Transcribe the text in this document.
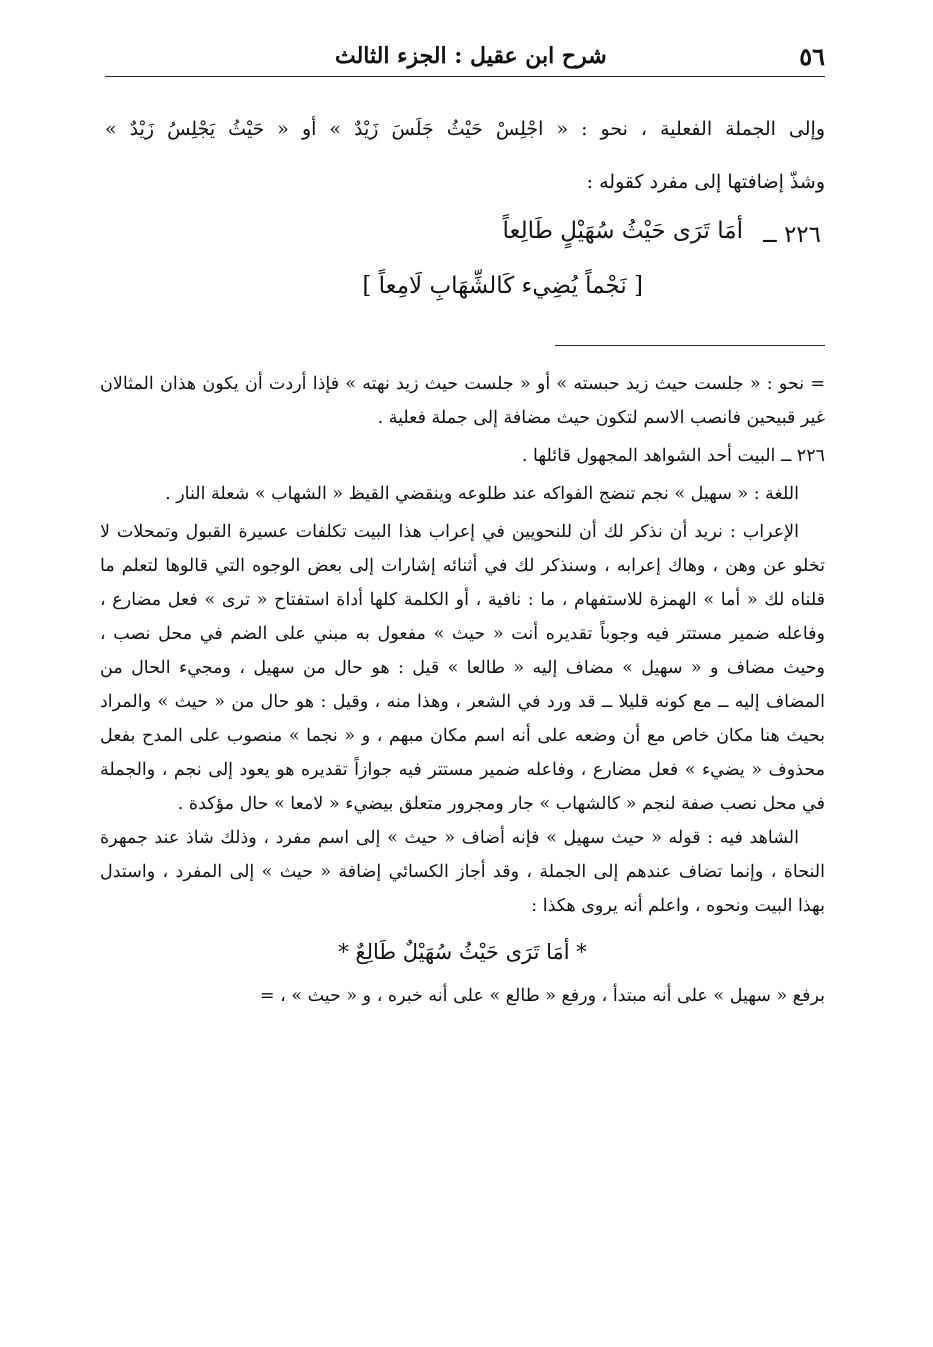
٥٦
شرح ابن عقيل : الجزء الثالث
وإلى الجملة الفعلية ، نحو : « اجْلِسْ حَيْثُ جَلَسَ زَيْدٌ » أو « حَيْثُ يَجْلِسُ زَيْدٌ »
وشذّ إضافتها إلى مفرد كقوله :
٢٢٦ ــ
أمَا تَرَى حَيْثُ سُهَيْلٍ طَالِعاً
[ نَجْماً يُضِيء كَالشِّهَابِ لَامِعاً ]

= نحو : « جلست حيث زيد حبسته » أو « جلست حيث زيد نهته » فإذا أردت أن يكون هذان المثالان غير قبيحين فانصب الاسم لتكون حيث مضافة إلى جملة فعلية .

٢٢٦ ــ البيت أحد الشواهد المجهول قائلها .

اللغة : « سهيل » نجم تنضج الفواكه عند طلوعه وينقضي القيظ « الشهاب » شعلة النار .

الإعراب : نريد أن نذكر لك أن للنحويين في إعراب هذا البيت تكلفات عسيرة القبول وتمحلات لا تخلو عن وهن ، وهاك إعرابه ، وسنذكر لك في أثنائه إشارات إلى بعض الوجوه التي قالوها لتعلم ما قلناه لك « أما » الهمزة للاستفهام ، ما : نافية ، أو الكلمة كلها أداة استفتاح « ترى » فعل مضارع ، وفاعله ضمير مستتر فيه وجوباً تقديره أنت « حيث » مفعول به مبني على الضم في محل نصب ، وحيث مضاف و « سهيل » مضاف إليه « طالعا » قيل : هو حال من سهيل ، ومجيء الحال من المضاف إليه ــ مع كونه قليلا ــ قد ورد في الشعر ، وهذا منه ، وقيل : هو حال من « حيث » والمراد بحيث هنا مكان خاص مع أن وضعه على أنه اسم مكان مبهم ، و « نجما » منصوب على المدح بفعل محذوف « يضيء » فعل مضارع ، وفاعله ضمير مستتر فيه جوازاً تقديره هو يعود إلى نجم ، والجملة في محل نصب صفة لنجم « كالشهاب » جار ومجرور متعلق بيضيء « لامعا » حال مؤكدة .

الشاهد فيه : قوله « حيث سهيل » فإنه أضاف « حيث » إلى اسم مفرد ، وذلك شاذ عند جمهرة النحاة ، وإنما تضاف عندهم إلى الجملة ، وقد أجاز الكسائي إضافة « حيث » إلى المفرد ، واستدل بهذا البيت ونحوه ، واعلم أنه يروى هكذا :

* أمَا تَرَى حَيْثُ سُهَيْلٌ طَالِعٌ *

برفع « سهيل » على أنه مبتدأ ، ورفع « طالع » على أنه خبره ، و « حيث » ، =
